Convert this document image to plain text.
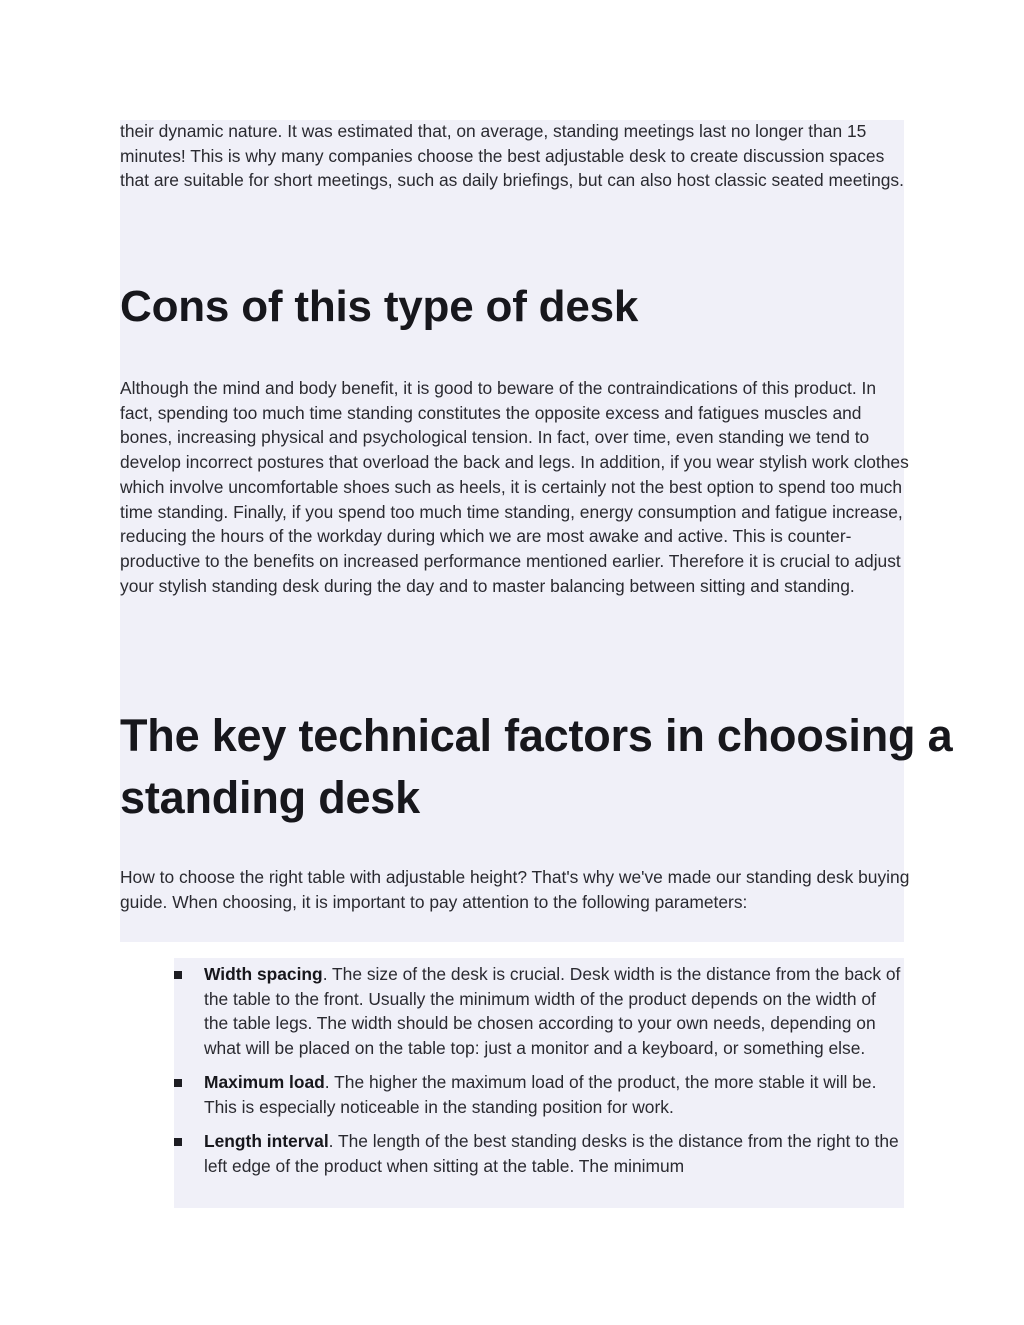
their dynamic nature. It was estimated that, on average, standing meetings last no longer than 15 minutes! This is why many companies choose the best adjustable desk to create discussion spaces that are suitable for short meetings, such as daily briefings, but can also host classic seated meetings.

Cons of this type of desk

Although the mind and body benefit, it is good to beware of the contraindications of this product. In fact, spending too much time standing constitutes the opposite excess and fatigues muscles and bones, increasing physical and psychological tension. In fact, over time, even standing we tend to develop incorrect postures that overload the back and legs. In addition, if you wear stylish work clothes which involve uncomfortable shoes such as heels, it is certainly not the best option to spend too much time standing. Finally, if you spend too much time standing, energy consumption and fatigue increase, reducing the hours of the workday during which we are most awake and active. This is counter-productive to the benefits on increased performance mentioned earlier. Therefore it is crucial to adjust your stylish standing desk during the day and to master balancing between sitting and standing.

The key technical factors in choosing a standing desk

How to choose the right table with adjustable height? That's why we've made our standing desk buying guide. When choosing, it is important to pay attention to the following parameters:

Width spacing. The size of the desk is crucial. Desk width is the distance from the back of the table to the front. Usually the minimum width of the product depends on the width of the table legs. The width should be chosen according to your own needs, depending on what will be placed on the table top: just a monitor and a keyboard, or something else.
Maximum load. The higher the maximum load of the product, the more stable it will be. This is especially noticeable in the standing position for work.
Length interval. The length of the best standing desks is the distance from the right to the left edge of the product when sitting at the table. The minimum
